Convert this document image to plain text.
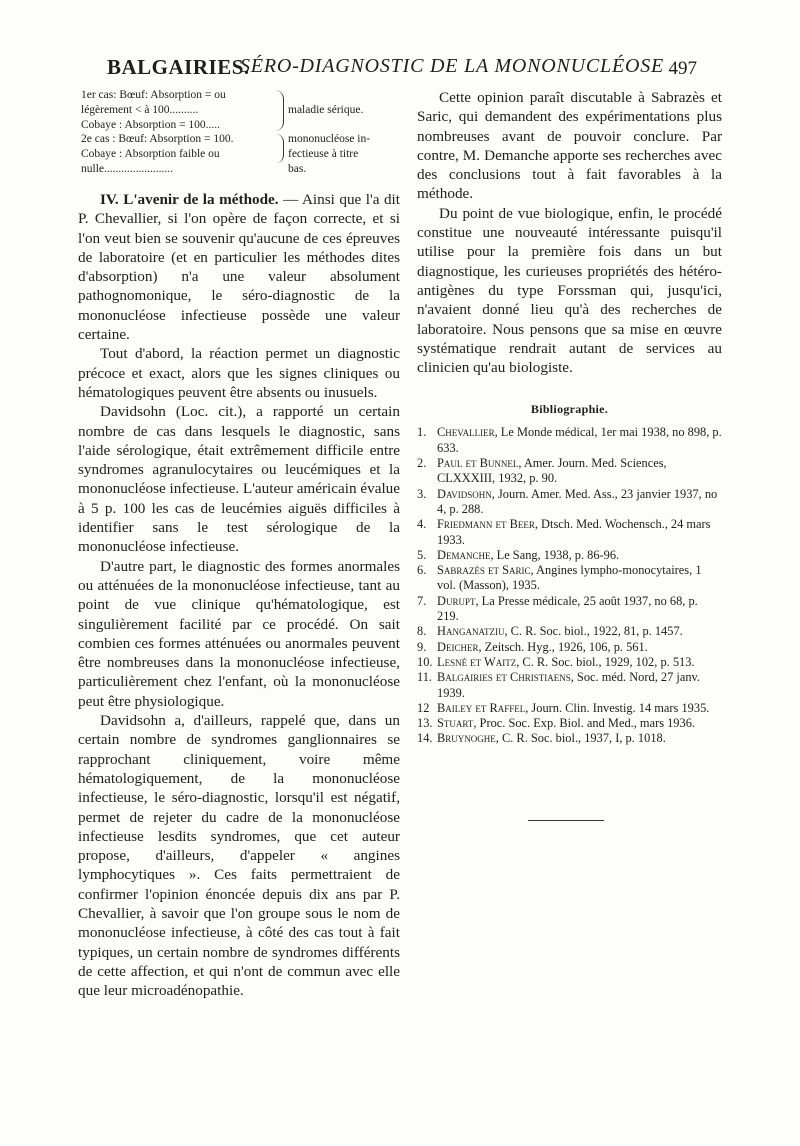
BALGAIRIES.
SÉRO-DIAGNOSTIC DE LA MONONUCLÉOSE 497
1er cas: Bœuf: Absorption = ou
légèrement < à 100..........
Cobaye : Absorption = 100.....
2e cas : Bœuf: Absorption = 100.
Cobaye : Absorption faible ou
nulle........................
maladie sérique.
mononucléose in-
fectieuse à titre
bas.

IV. L'avenir de la méthode. — Ainsi que l'a dit P. Chevallier, si l'on opère de façon correcte, et si l'on veut bien se souvenir qu'aucune de ces épreuves de laboratoire (et en particulier les méthodes dites d'absorption) n'a une valeur absolument pathognomonique, le séro-diagnostic de la mononucléose infectieuse possède une valeur certaine.

Tout d'abord, la réaction permet un diagnostic précoce et exact, alors que les signes cliniques ou hématologiques peuvent être absents ou inusuels.

Davidsohn (Loc. cit.), a rapporté un certain nombre de cas dans lesquels le diagnostic, sans l'aide sérologique, était extrêmement difficile entre syndromes agranulocytaires ou leucémiques et la mononucléose infectieuse. L'auteur américain évalue à 5 p. 100 les cas de leucémies aiguës difficiles à identifier sans le test sérologique de la mononucléose infectieuse.

D'autre part, le diagnostic des formes anormales ou atténuées de la mononucléose infectieuse, tant au point de vue clinique qu'hématologique, est singulièrement facilité par ce procédé. On sait combien ces formes atténuées ou anormales peuvent être nombreuses dans la mononucléose infectieuse, particulièrement chez l'enfant, où la mononucléose peut être physiologique.

Davidsohn a, d'ailleurs, rappelé que, dans un certain nombre de syndromes ganglionnaires se rapprochant cliniquement, voire même hématologiquement, de la mononucléose infectieuse, le séro-diagnostic, lorsqu'il est négatif, permet de rejeter du cadre de la mononucléose infectieuse lesdits syndromes, que cet auteur propose, d'ailleurs, d'appeler « angines lymphocytiques ». Ces faits permettraient de confirmer l'opinion énoncée depuis dix ans par P. Chevallier, à savoir que l'on groupe sous le nom de mononucléose infectieuse, à côté des cas tout à fait typiques, un certain nombre de syndromes différents de cette affection, et qui n'ont de commun avec elle que leur microadénopathie.

Cette opinion paraît discutable à Sabrazès et Saric, qui demandent des expérimentations plus nombreuses avant de pouvoir conclure. Par contre, M. Demanche apporte ses recherches avec des conclusions tout à fait favorables à la méthode.

Du point de vue biologique, enfin, le procédé constitue une nouveauté intéressante puisqu'il utilise pour la première fois dans un but diagnostique, les curieuses propriétés des hétéro-antigènes du type Forssman qui, jusqu'ici, n'avaient donné lieu qu'à des recherches de laboratoire. Nous pensons que sa mise en œuvre systématique rendrait autant de services au clinicien qu'au biologiste.

Bibliographie.
1. Chevallier, Le Monde médical, 1er mai 1938, no 898, p. 633.
2. Paul et Bunnel, Amer. Journ. Med. Sciences, CLXXXIII, 1932, p. 90.
3. Davidsohn, Journ. Amer. Med. Ass., 23 janvier 1937, no 4, p. 288.
4. Friedmann et Beer, Dtsch. Med. Wochensch., 24 mars 1933.
5. Demanche, Le Sang, 1938, p. 86-96.
6. Sabrazès et Saric, Angines lympho-monocytaires, 1 vol. (Masson), 1935.
7. Durupt, La Presse médicale, 25 août 1937, no 68, p. 219.
8. Hanganatziu, C. R. Soc. biol., 1922, 81, p. 1457.
9. Deicher, Zeitsch. Hyg., 1926, 106, p. 561.
10. Lesné et Waitz, C. R. Soc. biol., 1929, 102, p. 513.
11. Balgairies et Christiaens, Soc. méd. Nord, 27 janv. 1939.
12 Bailey et Raffel, Journ. Clin. Investig. 14 mars 1935.
13. Stuart, Proc. Soc. Exp. Biol. and Med., mars 1936.
14. Bruynoghe, C. R. Soc. biol., 1937, I, p. 1018.
